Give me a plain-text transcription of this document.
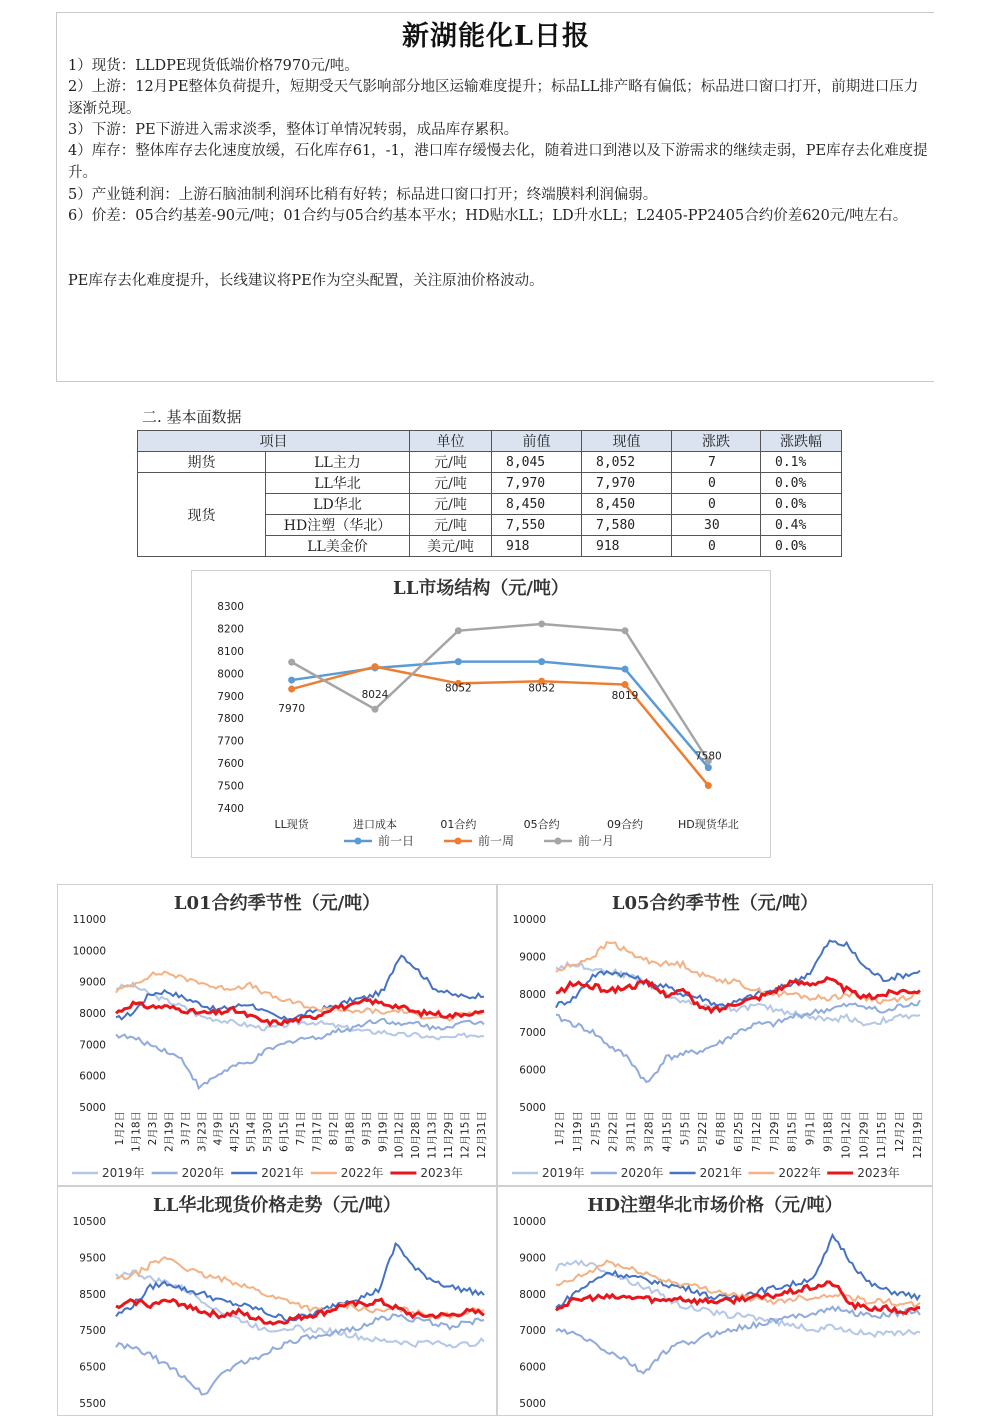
新湖能化L日报
1）现货：LLDPE现货低端价格7970元/吨。
2）上游：12月PE整体负荷提升，短期受天气影响部分地区运输难度提升；标品LL排产略有偏低；标品进口窗口打开，前期进口压力逐渐兑现。
3）下游：PE下游进入需求淡季，整体订单情况转弱，成品库存累积。
4）库存：整体库存去化速度放缓，石化库存61，-1，港口库存缓慢去化，随着进口到港以及下游需求的继续走弱，PE库存去化难度提升。
5）产业链利润：上游石脑油制利润环比稍有好转；标品进口窗口打开；终端膜料利润偏弱。
6）价差：05合约基差-90元/吨；01合约与05合约基本平水；HD贴水LL；LD升水LL；L2405-PP2405合约价差620元/吨左右。
PE库存去化难度提升，长线建议将PE作为空头配置，关注原油价格波动。
二. 基本面数据
项目		单位	前值	现值	涨跌	涨跌幅
期货	LL主力	元/吨	8,045	8,052	7	0.1%
现货	LL华北	元/吨	7,970	7,970	0	0.0%
	LD华北	元/吨	8,450	8,450	0	0.0%
	HD注塑（华北）	元/吨	7,550	7,580	30	0.4%
	LL美金价	美元/吨	918	918	0	0.0%
LL市场结构（元/吨）
8300
8200
8100
8000
7900
7800
7700
7600
7500
7400
LL现货	进口成本	01合约	05合约	09合约	HD现货华北
7970
8024
8052	8052
8019
7580
前一日	前一周	前一月
L01合约季节性（元/吨）
11000
10000
9000
8000
7000
6000
5000
1月2日 1月18日 2月3日 2月19日 3月7日 3月23日 4月9日 4月25日 5月14日 5月30日 6月15日 7月1日 7月17日 8月2日 8月18日 9月3日 9月19日 10月12日 10月28日 11月13日 11月29日 12月15日 12月31日
2019年	2020年	2021年	2022年	2023年
L05合约季节性（元/吨）
10000
9000
8000
7000
6000
5000
1月2日 1月19日 2月5日 2月22日 3月11日 3月28日 4月15日 5月5日 5月22日 6月8日 6月25日 7月12日 7月29日 8月15日 9月1日 9月18日 10月12日 10月29日 11月15日 12月2日 12月19日
2019年	2020年	2021年	2022年	2023年
LL华北现货价格走势（元/吨）
10500
9500
8500
7500
6500
5500
HD注塑华北市场价格（元/吨）
10000
9000
8000
7000
6000
5000
